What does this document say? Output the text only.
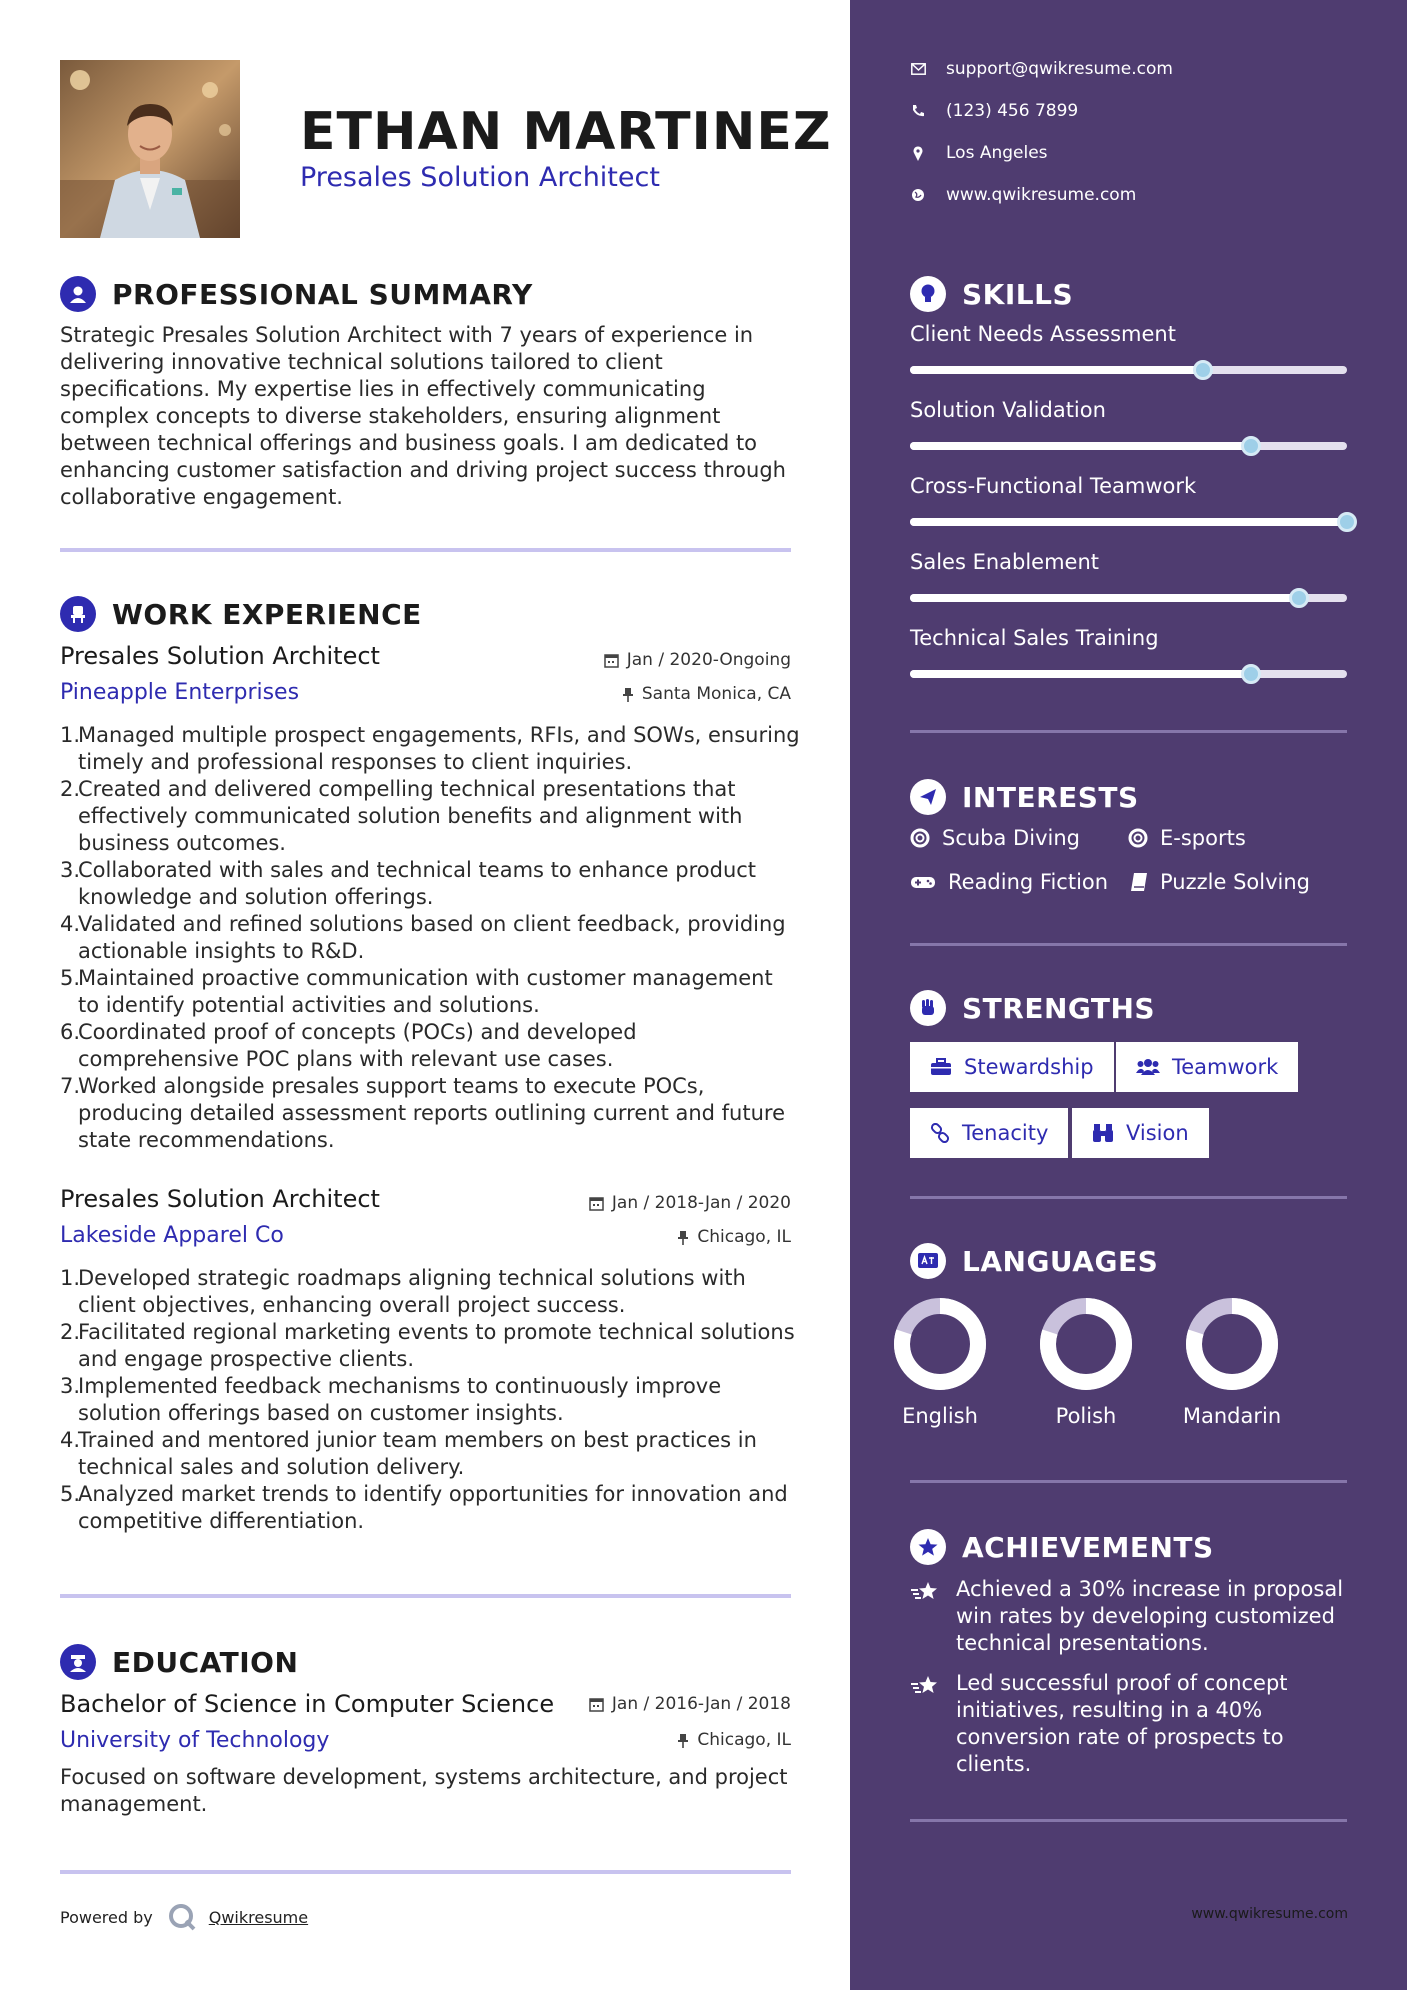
ETHAN MARTINEZ
Presales Solution Architect
PROFESSIONAL SUMMARY
Strategic Presales Solution Architect with 7 years of experience in delivering innovative technical solutions tailored to client specifications. My expertise lies in effectively communicating complex concepts to diverse stakeholders, ensuring alignment between technical offerings and business goals. I am dedicated to enhancing customer satisfaction and driving project success through collaborative engagement.
WORK EXPERIENCE
Presales Solution Architect	Jan / 2020-Ongoing
Pineapple Enterprises	Santa Monica, CA
1.
Managed multiple prospect engagements, RFIs, and SOWs, ensuring timely and professional responses to client inquiries.
2.
Created and delivered compelling technical presentations that effectively communicated solution benefits and alignment with business outcomes.
3.
Collaborated with sales and technical teams to enhance product knowledge and solution offerings.
4.
Validated and refined solutions based on client feedback, providing actionable insights to R&D.
5.
Maintained proactive communication with customer management to identify potential activities and solutions.
6.
Coordinated proof of concepts (POCs) and developed comprehensive POC plans with relevant use cases.
7.
Worked alongside presales support teams to execute POCs, producing detailed assessment reports outlining current and future state recommendations.
Presales Solution Architect	Jan / 2018-Jan / 2020
Lakeside Apparel Co	Chicago, IL
1.
Developed strategic roadmaps aligning technical solutions with client objectives, enhancing overall project success.
2.
Facilitated regional marketing events to promote technical solutions and engage prospective clients.
3.
Implemented feedback mechanisms to continuously improve solution offerings based on customer insights.
4.
Trained and mentored junior team members on best practices in technical sales and solution delivery.
5.
Analyzed market trends to identify opportunities for innovation and competitive differentiation.
EDUCATION
Bachelor of Science in Computer Science	Jan / 2016-Jan / 2018
University of Technology	Chicago, IL
Focused on software development, systems architecture, and project management.
Powered by	Qwikresume
support@qwikresume.com
(123) 456 7899
Los Angeles
www.qwikresume.com
SKILLS
Client Needs Assessment
Solution Validation
Cross-Functional Teamwork
Sales Enablement
Technical Sales Training
INTERESTS
Scuba Diving	E-sports
Reading Fiction Puzzle Solving
STRENGTHS
Stewardship	Teamwork
Tenacity	Vision
LANGUAGES
English	Polish	Mandarin
ACHIEVEMENTS
Achieved a 30% increase in proposal win rates by developing customized technical presentations.
Led successful proof of concept initiatives, resulting in a 40% conversion rate of prospects to clients.
www.qwikresume.com
